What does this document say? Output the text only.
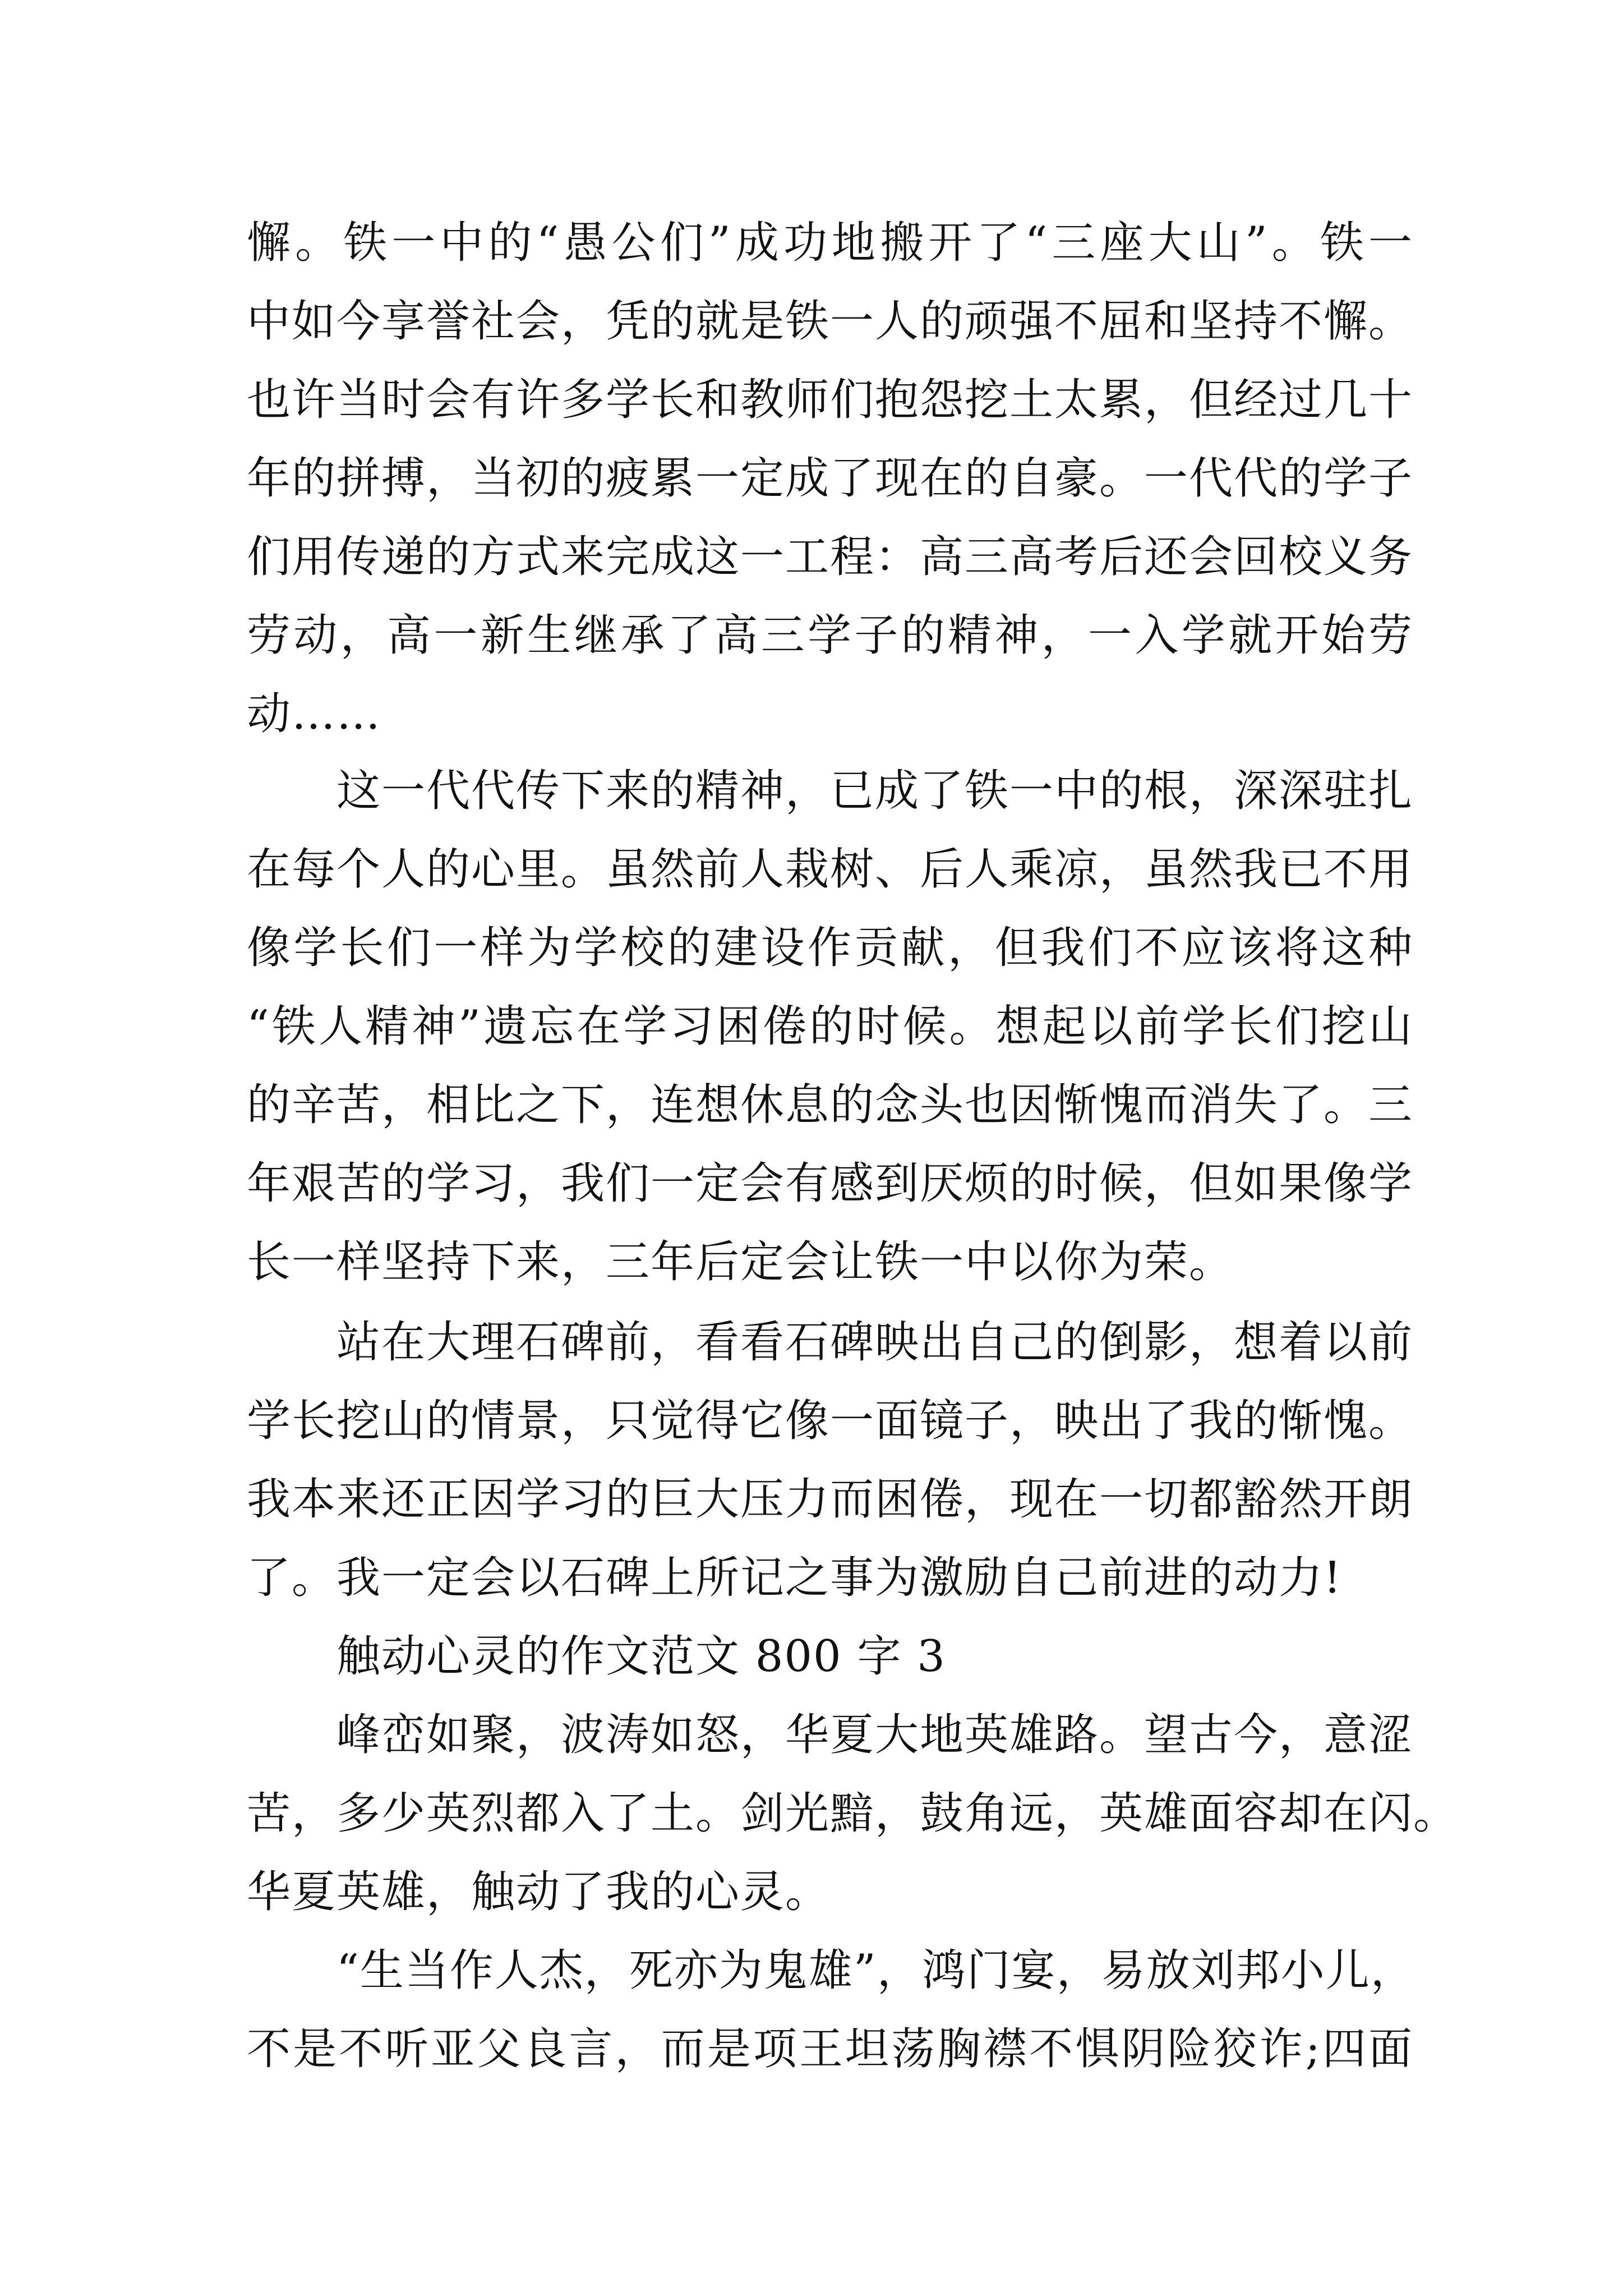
懈。铁一中的“愚公们”成功地搬开了“三座大山”。铁一
中如今享誉社会，凭的就是铁一人的顽强不屈和坚持不懈。
也许当时会有许多学长和教师们抱怨挖土太累，但经过几十
年的拼搏，当初的疲累一定成了现在的自豪。一代代的学子
们用传递的方式来完成这一工程：高三高考后还会回校义务
劳动，高一新生继承了高三学子的精神，一入学就开始劳
动……
这一代代传下来的精神，已成了铁一中的根，深深驻扎
在每个人的心里。虽然前人栽树、后人乘凉，虽然我已不用
像学长们一样为学校的建设作贡献，但我们不应该将这种
“铁人精神”遗忘在学习困倦的时候。想起以前学长们挖山
的辛苦，相比之下，连想休息的念头也因惭愧而消失了。三
年艰苦的学习，我们一定会有感到厌烦的时候，但如果像学
长一样坚持下来，三年后定会让铁一中以你为荣。
站在大理石碑前，看看石碑映出自己的倒影，想着以前
学长挖山的情景，只觉得它像一面镜子，映出了我的惭愧。
我本来还正因学习的巨大压力而困倦，现在一切都豁然开朗
了。我一定会以石碑上所记之事为激励自己前进的动力!
触动心灵的作文范文 800 字 3
峰峦如聚，波涛如怒，华夏大地英雄路。望古今，意涩
苦，多少英烈都入了土。剑光黯，鼓角远，英雄面容却在闪。
华夏英雄，触动了我的心灵。
“生当作人杰，死亦为鬼雄”，鸿门宴，易放刘邦小儿，
不是不听亚父良言，而是项王坦荡胸襟不惧阴险狡诈;四面
